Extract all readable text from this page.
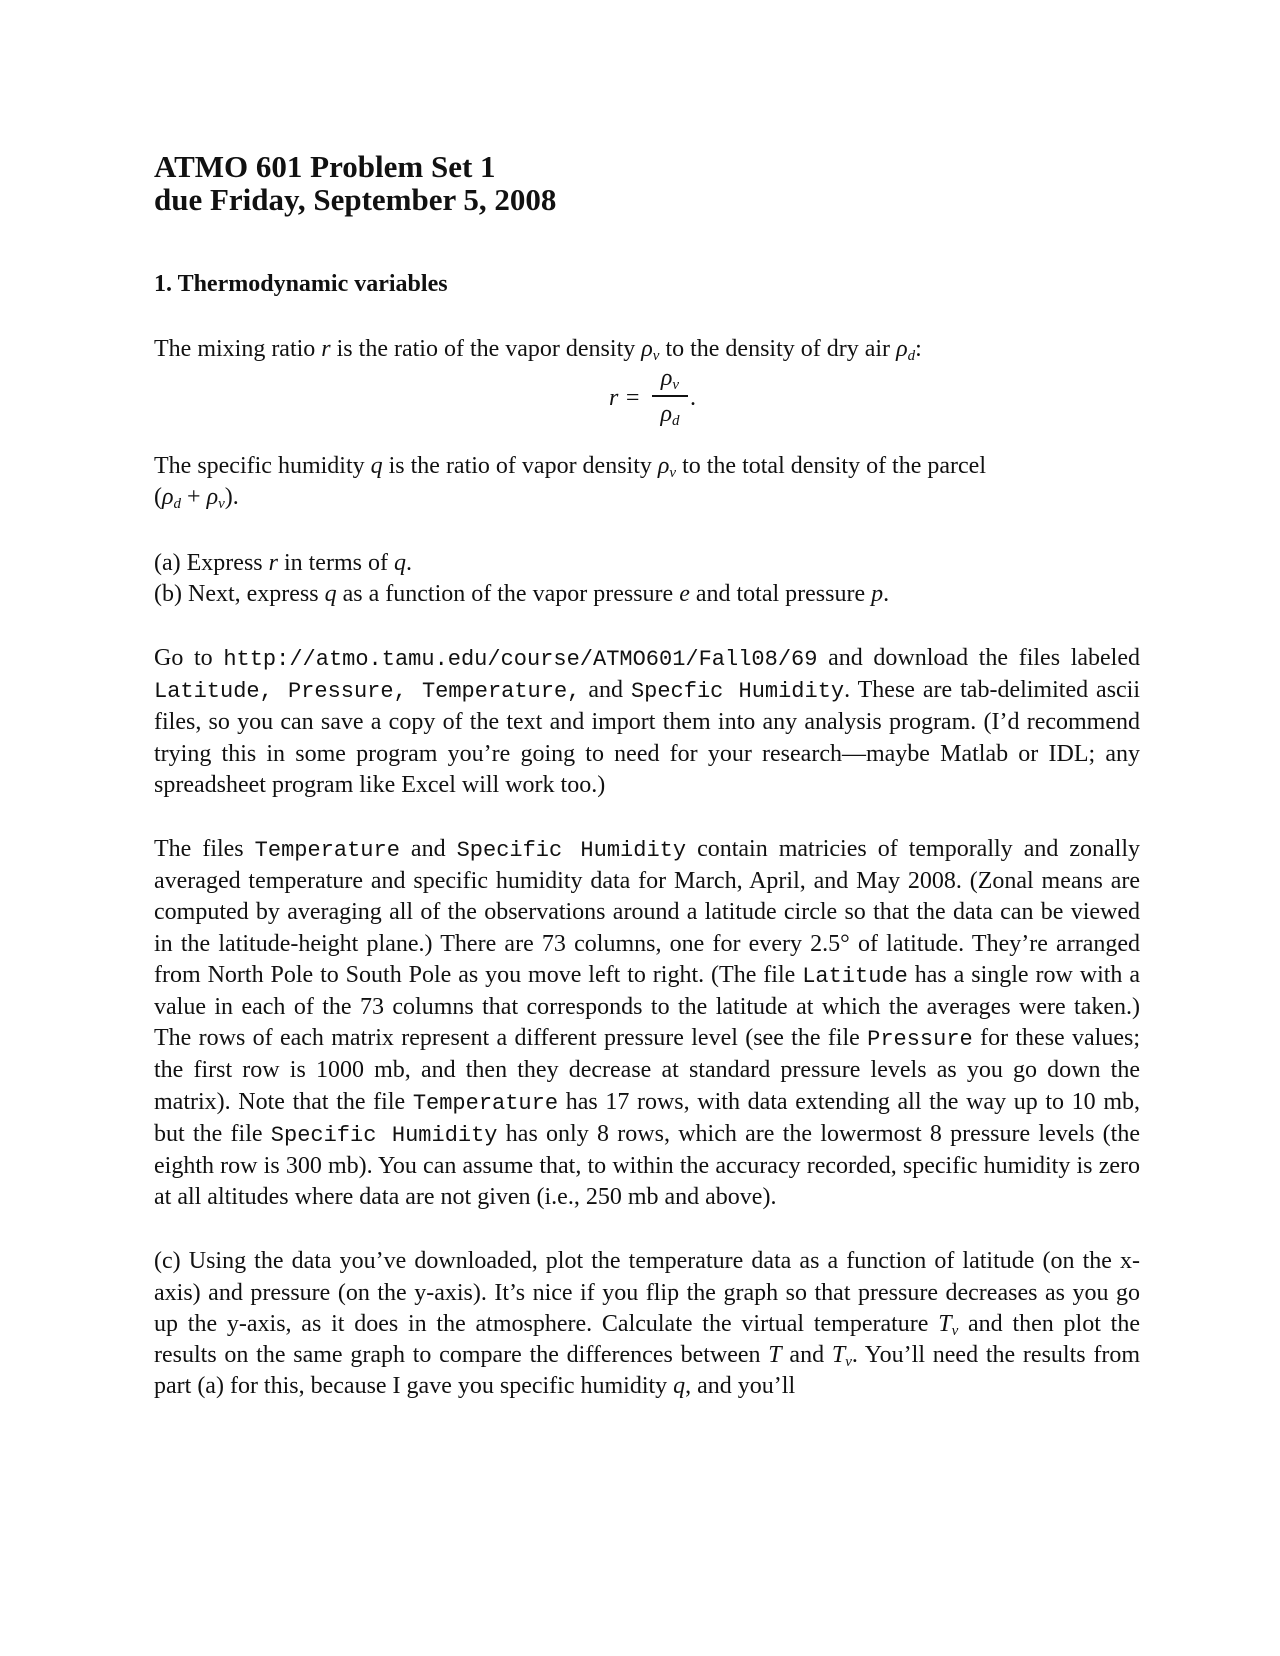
ATMO 601 Problem Set 1
due Friday, September 5, 2008
1. Thermodynamic variables

The mixing ratio r is the ratio of the vapor density $\rho_v$ to the density of dry air $\rho_d$:

r =
$\rho_v$
$\rho_d$
.

The specific humidity q is the ratio of vapor density $\rho_v$ to the total density of the parcel
$(\rho_d + \rho_v)$.

(a) Express r in terms of q.

(b) Next, express q as a function of the vapor pressure e and total pressure p.

Go to http://atmo.tamu.edu/course/ATMO601/Fall08/69 and download the files labeled Latitude, Pressure, Temperature, and Specfic Humidity. These are tab-delimited ascii files, so you can save a copy of the text and import them into any analysis program. (I’d recommend trying this in some program you’re going to need for your research—maybe Matlab or IDL; any spreadsheet program like Excel will work too.)

The files Temperature and Specific Humidity contain matricies of temporally and zonally averaged temperature and specific humidity data for March, April, and May 2008. (Zonal means are computed by averaging all of the observations around a latitude circle so that the data can be viewed in the latitude-height plane.) There are 73 columns, one for every 2.5° of latitude. They’re arranged from North Pole to South Pole as you move left to right. (The file Latitude has a single row with a value in each of the 73 columns that corresponds to the latitude at which the averages were taken.) The rows of each matrix represent a different pressure level (see the file Pressure for these values; the first row is 1000 mb, and then they decrease at standard pressure levels as you go down the matrix). Note that the file Temperature has 17 rows, with data extending all the way up to 10 mb, but the file Specific Humidity has only 8 rows, which are the lowermost 8 pressure levels (the eighth row is 300 mb). You can assume that, to within the accuracy recorded, specific humidity is zero at all altitudes where data are not given (i.e., 250 mb and above).

(c) Using the data you’ve downloaded, plot the temperature data as a function of latitude (on the x-axis) and pressure (on the y-axis). It’s nice if you flip the graph so that pressure decreases as you go up the y-axis, as it does in the atmosphere. Calculate the virtual temperature $T_v$ and then plot the results on the same graph to compare the differences between T and $T_v$. You’ll need the results from part (a) for this, because I gave you specific humidity q, and you’ll
